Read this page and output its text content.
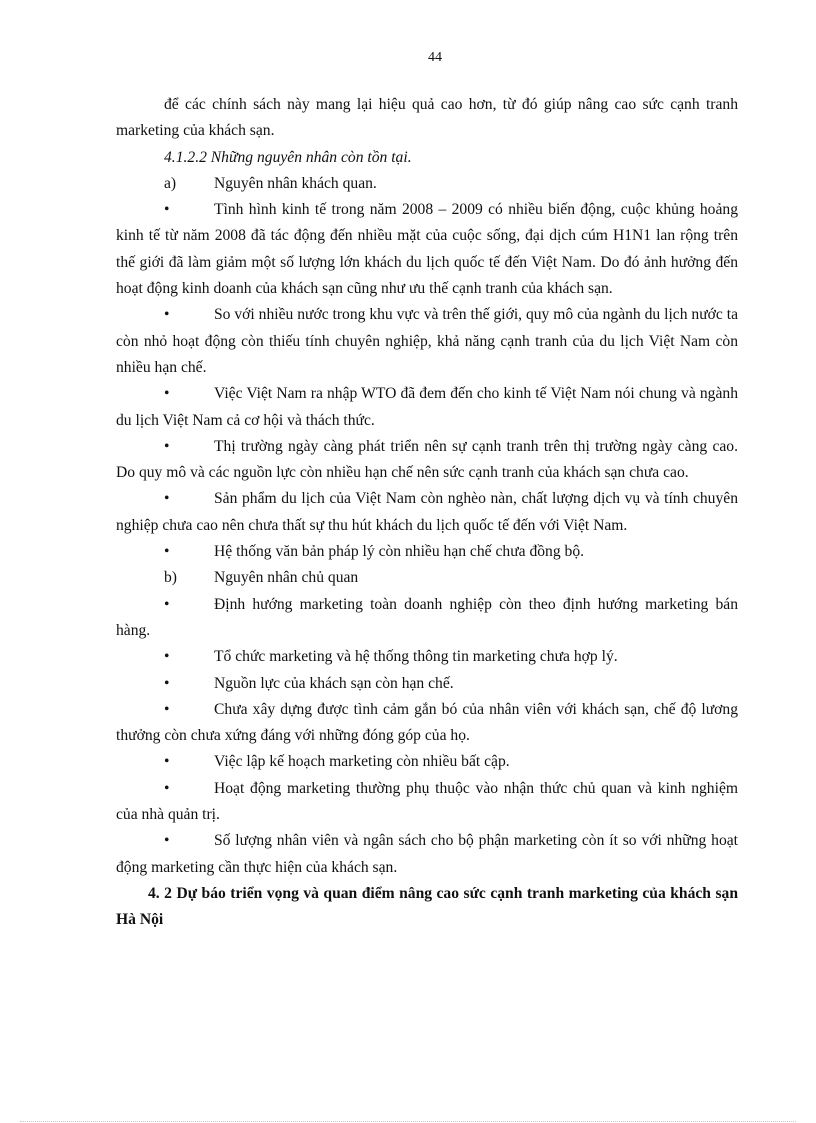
44

để các chính sách này mang lại hiệu quả cao hơn, từ đó giúp nâng cao sức cạnh tranh marketing của khách sạn.

4.1.2.2 Những nguyên nhân còn tồn tại.

a) Nguyên nhân khách quan.

•	Tình hình kinh tế trong năm 2008 – 2009 có nhiều biến động, cuộc khủng hoảng kinh tế từ năm 2008 đã tác động đến nhiều mặt của cuộc sống, đại dịch cúm H1N1 lan rộng trên thế giới đã làm giảm một số lượng lớn khách du lịch quốc tế đến Việt Nam. Do đó ảnh hưởng đến hoạt động kinh doanh của khách sạn cũng như ưu thế cạnh tranh của khách sạn.

•	So với nhiều nước trong khu vực và trên thế giới, quy mô của ngành du lịch nước ta còn nhỏ hoạt động còn thiếu tính chuyên nghiệp, khả năng cạnh tranh của du lịch Việt Nam còn nhiều hạn chế.

•	Việc Việt Nam ra nhập WTO đã đem đến cho kinh tế Việt Nam nói chung và ngành du lịch Việt Nam cả cơ hội và thách thức.

•	Thị trường ngày càng phát triển nên sự cạnh tranh trên thị trường ngày càng cao. Do quy mô và các nguồn lực còn nhiều hạn chế nên sức cạnh tranh của khách sạn chưa cao.

•	Sản phẩm du lịch của Việt Nam còn nghèo nàn, chất lượng dịch vụ và tính chuyên nghiệp chưa cao nên chưa thất sự thu hút khách du lịch quốc tế đến với Việt Nam.

•	Hệ thống văn bản pháp lý còn nhiều hạn chế chưa đồng bộ.

b) Nguyên nhân chủ quan

•	Định hướng marketing toàn doanh nghiệp còn theo định hướng marketing bán hàng.

•	Tổ chức marketing và hệ thống thông tin marketing chưa hợp lý.

•	Nguồn lực của khách sạn còn hạn chế.

•	Chưa xây dựng được tình cảm gắn bó của nhân viên với khách sạn, chế độ lương thưởng còn chưa xứng đáng với những đóng góp của họ.

•	Việc lập kế hoạch marketing còn nhiều bất cập.

•	Hoạt động marketing thường phụ thuộc vào nhận thức chủ quan và kinh nghiệm của nhà quản trị.

•	Số lượng nhân viên và ngân sách cho bộ phận marketing còn ít so với những hoạt động marketing cần thực hiện của khách sạn.

4. 2 Dự báo triển vọng và quan điểm nâng cao sức cạnh tranh marketing của khách sạn Hà Nội
